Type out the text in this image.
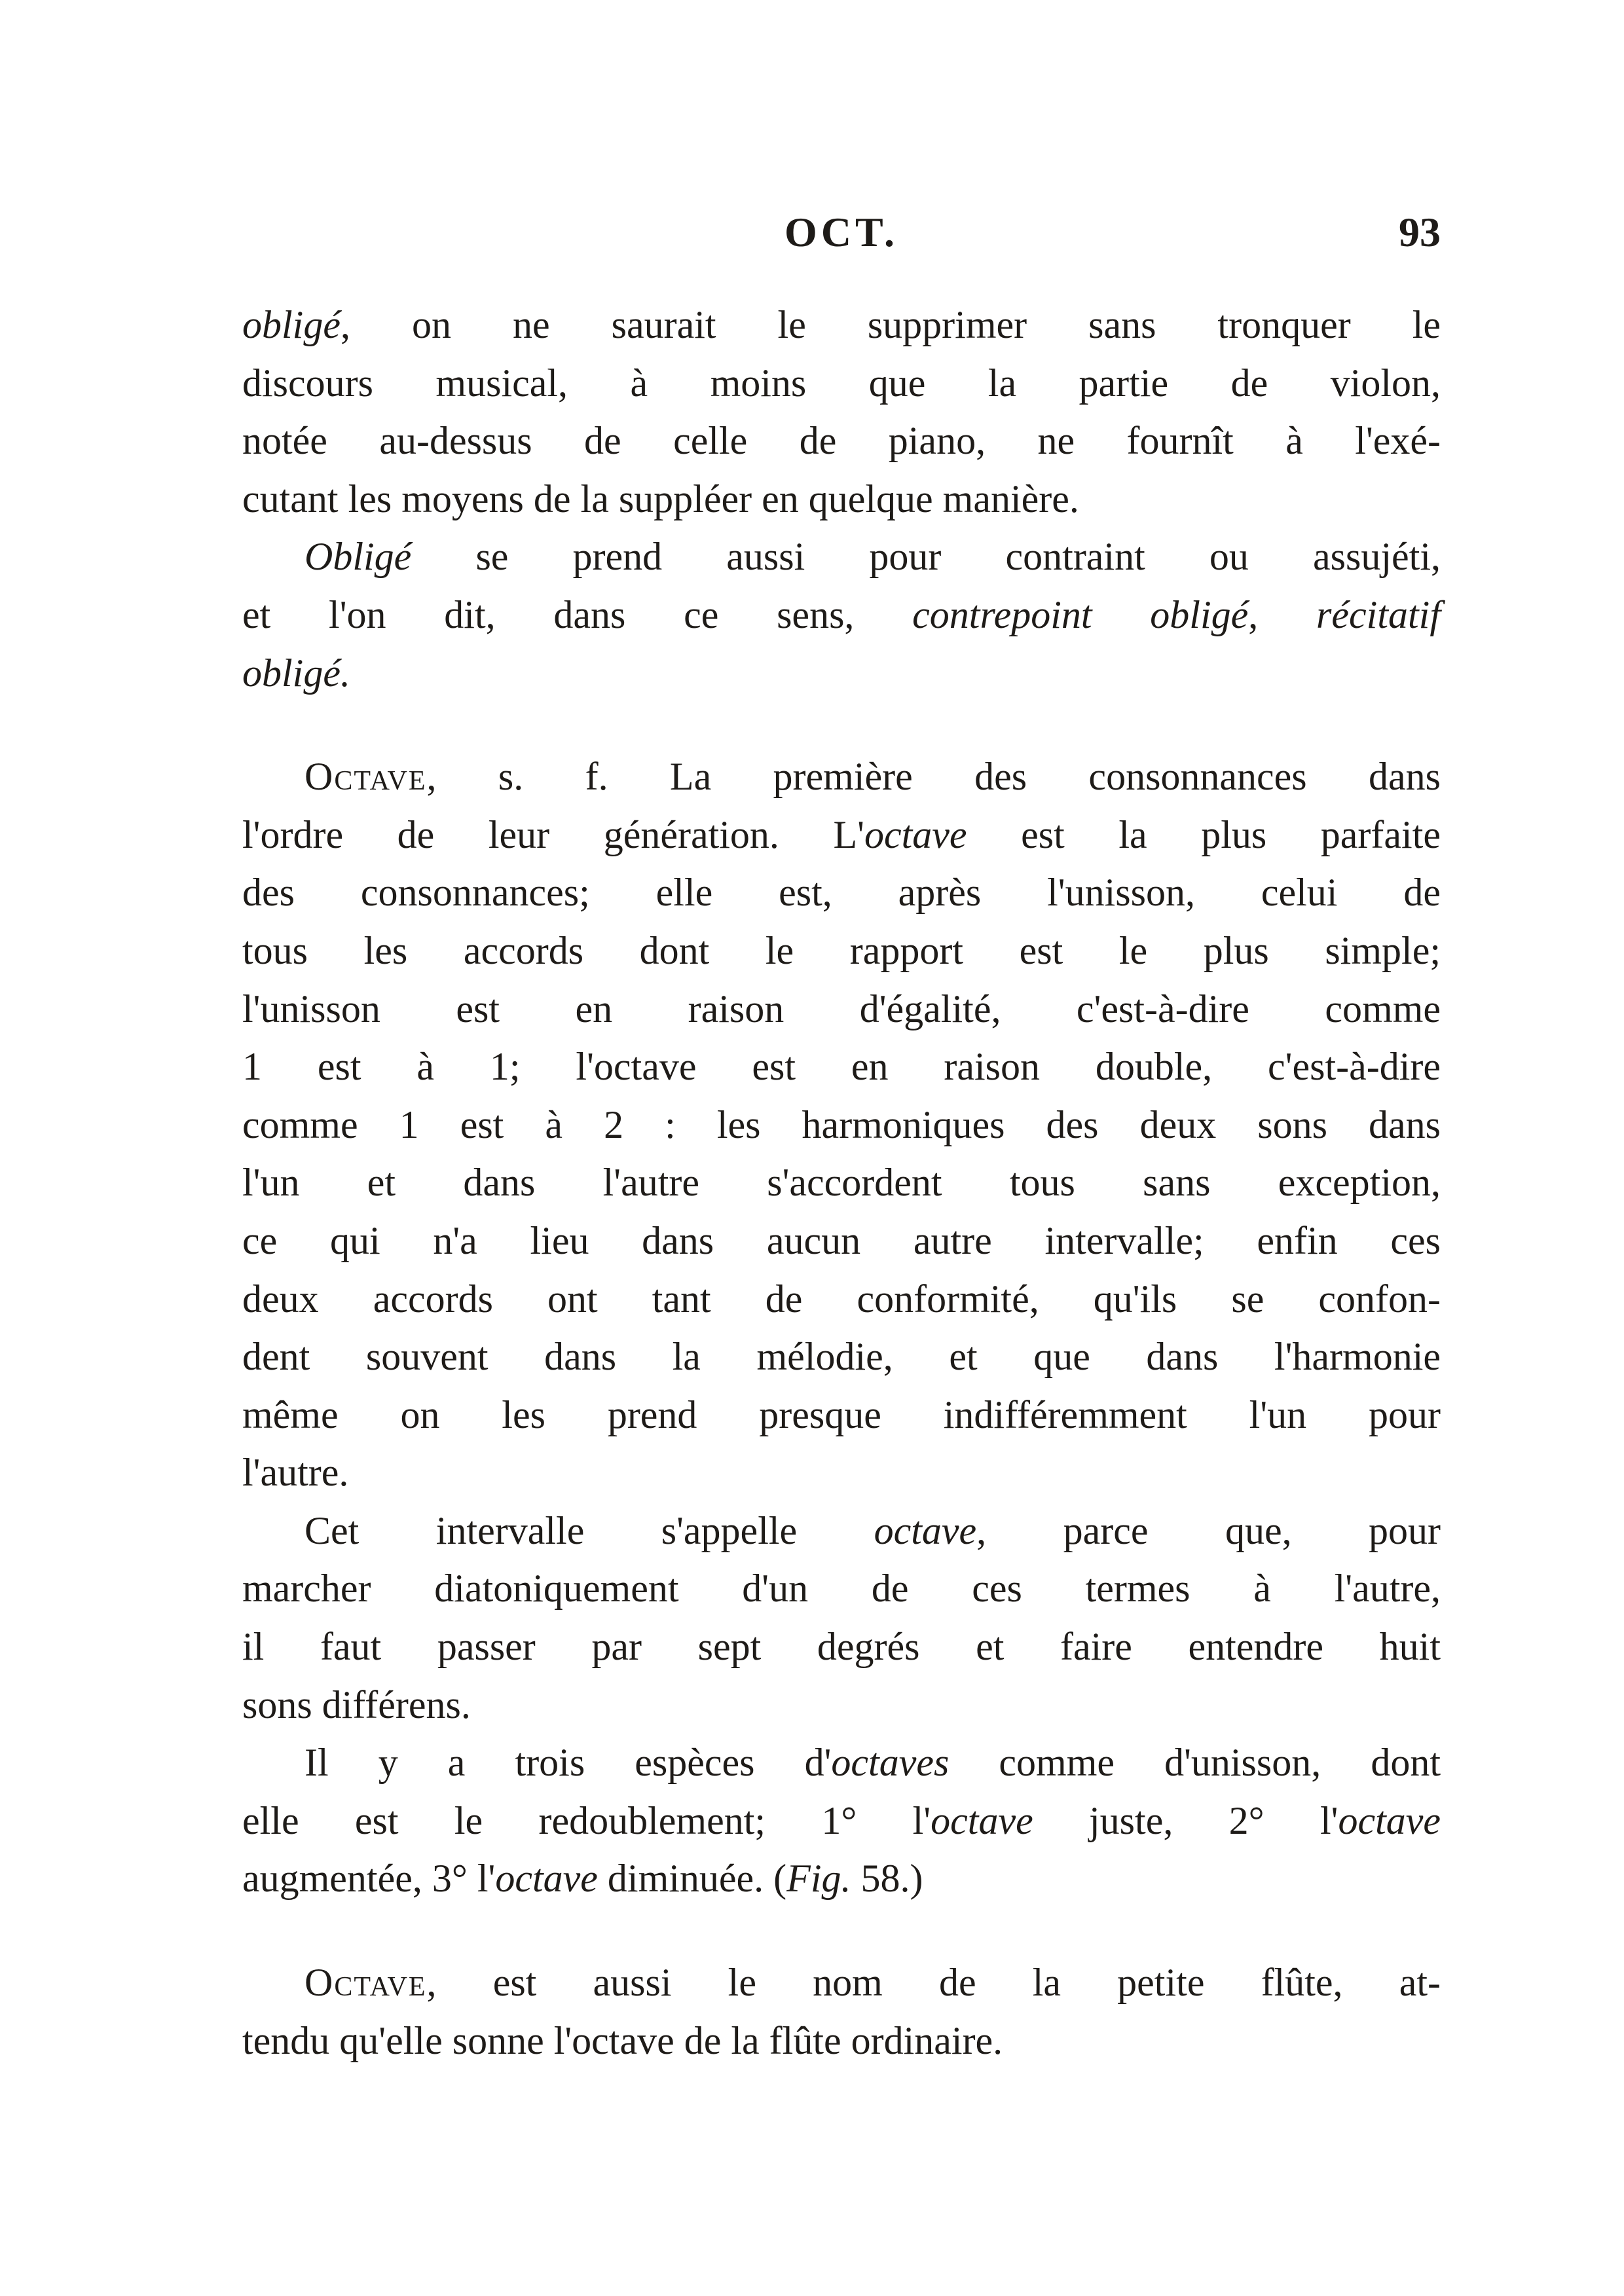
OCT.	93
obligé, on ne saurait le supprimer sans tronquer le
discours musical, à moins que la partie de violon,
notée au-dessus de celle de piano, ne fournît à l'exé-
cutant les moyens de la suppléer en quelque manière.
Obligé se prend aussi pour contraint ou assujéti,
et l'on dit, dans ce sens, contrepoint obligé, récitatif
obligé.
Octave, s. f. La première des consonnances dans
l'ordre de leur génération. L'octave est la plus parfaite
des consonnances; elle est, après l'unisson, celui de
tous les accords dont le rapport est le plus simple;
l'unisson est en raison d'égalité, c'est-à-dire comme
1 est à 1; l'octave est en raison double, c'est-à-dire
comme 1 est à 2 : les harmoniques des deux sons dans
l'un et dans l'autre s'accordent tous sans exception,
ce qui n'a lieu dans aucun autre intervalle; enfin ces
deux accords ont tant de conformité, qu'ils se confon-
dent souvent dans la mélodie, et que dans l'harmonie
même on les prend presque indifféremment l'un pour
l'autre.
Cet intervalle s'appelle octave, parce que, pour
marcher diatoniquement d'un de ces termes à l'autre,
il faut passer par sept degrés et faire entendre huit
sons différens.
Il y a trois espèces d'octaves comme d'unisson, dont
elle est le redoublement; 1° l'octave juste, 2° l'octave
augmentée, 3° l'octave diminuée. (Fig. 58.)
Octave, est aussi le nom de la petite flûte, at-
tendu qu'elle sonne l'octave de la flûte ordinaire.
